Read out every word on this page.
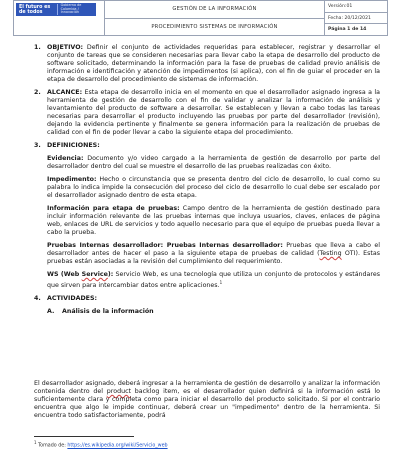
El futuro es de todos
Gobierno de Colombia / Innovación
GESTIÓN DE LA INFORMACIÓN
PROCEDIMIENTO SISTEMAS DE INFORMACIÓN
Versión:01
Fecha: 20/12/2021
Página 1 de 14
1. OBJETIVO: Definir el conjunto de actividades requeridas para establecer, registrar y desarrollar el conjunto de tareas que se consideren necesarias para llevar cabo la etapa de desarrollo del producto de software solicitado, determinando la información para la fase de pruebas de calidad previo análisis de información e identificación y atención de impedimentos (si aplica), con el fin de guiar el proceder en la etapa de desarrollo del procedimiento de sistemas de información.
2. ALCANCE: Esta etapa de desarrollo inicia en el momento en que el desarrollador asignado ingresa a la herramienta de gestión de desarrollo con el fin de validar y analizar la información de análisis y levantamiento del producto de software a desarrollar. Se establecen y llevan a cabo todas las tareas necesarias para desarrollar el producto incluyendo las pruebas por parte del desarrollador (revisión), dejando la evidencia pertinente y finalmente se genera información para la realización de pruebas de calidad con el fin de poder llevar a cabo la siguiente etapa del procedimiento.
3. DEFINICIONES:
Evidencia: Documento y/o video cargado a la herramienta de gestión de desarrollo por parte del desarrollador dentro del cual se muestre el desarrollo de las pruebas realizadas con éxito.
Impedimento: Hecho o circunstancia que se presenta dentro del ciclo de desarrollo, lo cual como su palabra lo indica impide la consecución del proceso del ciclo de desarrollo lo cual debe ser escalado por el desarrollador asignado dentro de esta etapa.
Información para etapa de pruebas: Campo dentro de la herramienta de gestión destinado para incluir información relevante de las pruebas internas que incluya usuarios, claves, enlaces de página web, enlaces de URL de servicios y todo aquello necesario para que el equipo de pruebas pueda llevar a cabo la prueba.
Pruebas Internas desarrollador: Pruebas Internas desarrollador: Pruebas que lleva a cabo el desarrollador antes de hacer el paso a la siguiente etapa de pruebas de calidad (Testing OTI). Estas pruebas están asociadas a la revisión del cumplimiento del requerimiento.
WS (Web Service): Servicio Web, es una tecnología que utiliza un conjunto de protocolos y estándares que sirven para intercambiar datos entre aplicaciones.$^1$
4. ACTIVIDADES:
A. Análisis de la información
El desarrollador asignado, deberá ingresar a la herramienta de gestión de desarrollo y analizar la información contenida dentro del product backlog item, es el desarrollador quien definirá si la información está lo suficientemente clara y completa como para iniciar el desarrollo del producto solicitado. Si por el contrario encuentra que algo le impide continuar, deberá crear un "impedimento" dentro de la herramienta. Si encuentra todo satisfactoriamente, podrá
$^1$ Tomado de: https://es.wikipedia.org/wiki/Servicio_web
